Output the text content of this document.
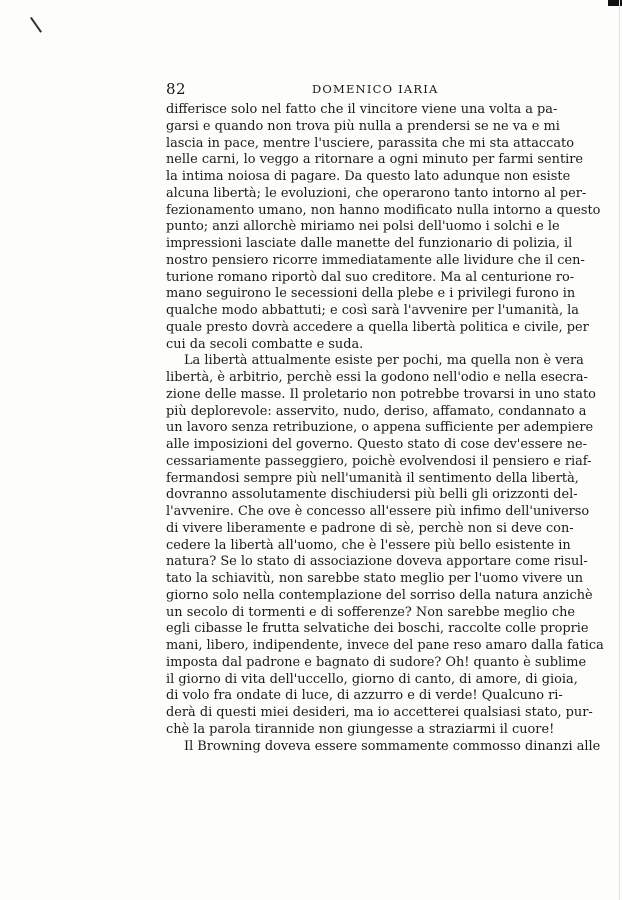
82	DOMENICO IARIA
differisce solo nel fatto che il vincitore viene una volta a pa-
garsi e quando non trova più nulla a prendersi se ne va e mi
lascia in pace, mentre l'usciere, parassita che mi sta attaccato
nelle carni, lo veggo a ritornare a ogni minuto per farmi sentire
la intima noiosa di pagare. Da questo lato adunque non esiste
alcuna libertà; le evoluzioni, che operarono tanto intorno al per-
fezionamento umano, non hanno modificato nulla intorno a questo
punto; anzi allorchè miriamo nei polsi dell'uomo i solchi e le
impressioni lasciate dalle manette del funzionario di polizia, il
nostro pensiero ricorre immediatamente alle lividure che il cen-
turione romano riportò dal suo creditore. Ma al centurione ro-
mano seguirono le secessioni della plebe e i privilegi furono in
qualche modo abbattuti; e così sarà l'avvenire per l'umanità, la
quale presto dovrà accedere a quella libertà politica e civile, per
cui da secoli combatte e suda.
La libertà attualmente esiste per pochi, ma quella non è vera
libertà, è arbitrio, perchè essi la godono nell'odio e nella esecra-
zione delle masse. Il proletario non potrebbe trovarsi in uno stato
più deplorevole: asservito, nudo, deriso, affamato, condannato a
un lavoro senza retribuzione, o appena sufficiente per adempiere
alle imposizioni del governo. Questo stato di cose dev'essere ne-
cessariamente passeggiero, poichè evolvendosi il pensiero e riaf-
fermandosi sempre più nell'umanità il sentimento della libertà,
dovranno assolutamente dischiudersi più belli gli orizzonti del-
l'avvenire. Che ove è concesso all'essere più infimo dell'universo
di vivere liberamente e padrone di sè, perchè non si deve con-
cedere la libertà all'uomo, che è l'essere più bello esistente in
natura? Se lo stato di associazione doveva apportare come risul-
tato la schiavitù, non sarebbe stato meglio per l'uomo vivere un
giorno solo nella contemplazione del sorriso della natura anzichè
un secolo di tormenti e di sofferenze? Non sarebbe meglio che
egli cibasse le frutta selvatiche dei boschi, raccolte colle proprie
mani, libero, indipendente, invece del pane reso amaro dalla fatica
imposta dal padrone e bagnato di sudore? Oh! quanto è sublime
il giorno di vita dell'uccello, giorno di canto, di amore, di gioia,
di volo fra ondate di luce, di azzurro e di verde! Qualcuno ri-
derà di questi miei desideri, ma io accetterei qualsiasi stato, pur-
chè la parola tirannide non giungesse a straziarmi il cuore!
Il Browning doveva essere sommamente commosso dinanzi alle
